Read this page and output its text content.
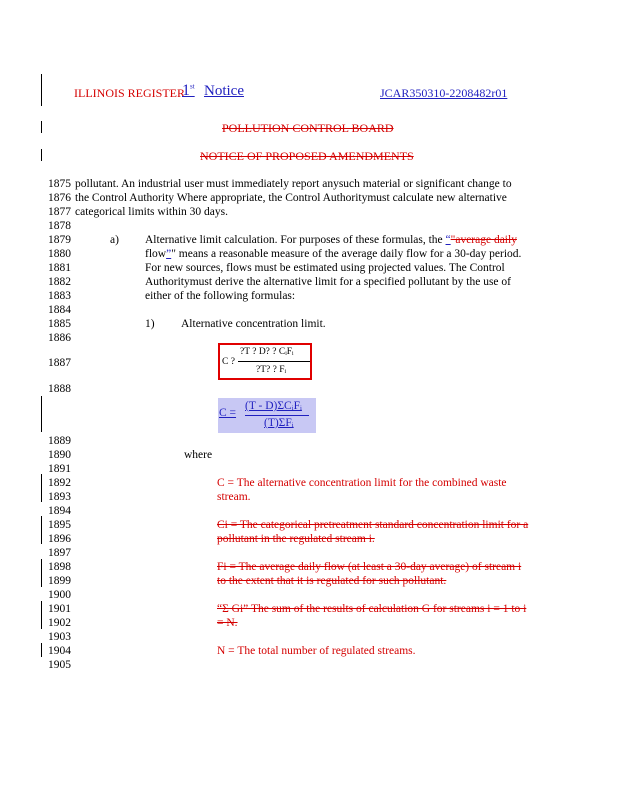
ILLINOIS REGISTER
1st Notice	JCAR350310-2208482r01
POLLUTION CONTROL BOARD
NOTICE OF PROPOSED AMENDMENTS
1875
1876
1877
1878
1879
1880
1881
1882
1883
1884
1885
1886
1887
1888
1889
1890
1891
1892
1893
1894
1895
1896
1897
1898
1899
1900
1901
1902
1903
1904
1905
pollutant. An industrial user must immediately report anysuch material or significant change to
the Control Authority Where appropriate, the Control Authoritymust calculate new alternative
categorical limits within 30 days.
a) Alternative limit calculation. For purposes of these formulas, the “"average daily
flow”" means a reasonable measure of the average daily flow for a 30-day period.
For new sources, flows must be estimated using projected values. The Control
Authoritymust derive the alternative limit for a specified pollutant by the use of
either of the following formulas:
1) Alternative concentration limit.
C ?
?T ? D? ? CᵢFᵢ
?T? ? Fᵢ
C =
(T - D)ΣCᵢFᵢ
(T)ΣFᵢ
where
C = The alternative concentration limit for the combined waste
stream.
Ci = The categorical pretreatment standard concentration limit for a
pollutant in the regulated stream i.
Fi = The average daily flow (at least a 30-day average) of stream i
to the extent that it is regulated for such pollutant.
“Σ Gi” The sum of the results of calculation G for streams i = 1 to i
= N.
N = The total number of regulated streams.
